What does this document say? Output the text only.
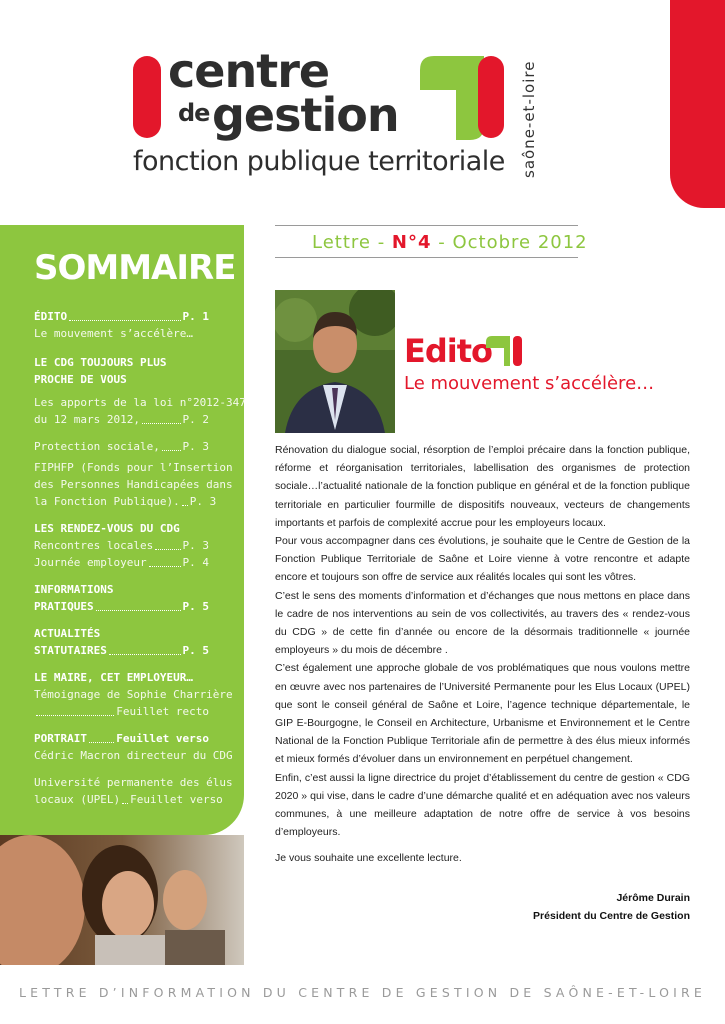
centre
de gestion
fonction publique territoriale saône-et-loire
SOMMAIRE
ÉDITO	P. 1
Le mouvement s’accélère…
LE CDG TOUJOURS PLUS
PROCHE DE VOUS
Les apports de la loi n°2012-347
du 12 mars 2012,	P. 2
Protection sociale, P. 3
FIPHFP (Fonds pour l’Insertion
des Personnes Handicapées dans
la Fonction Publique). P. 3
LES RENDEZ-VOUS DU CDG
Rencontres locales	P. 3
Journée employeur	P. 4
INFORMATIONS
PRATIQUES	P. 5
ACTUALITÉS
STATUTAIRES	P. 5
LE MAIRE, CET EMPLOYEUR…
Témoignage de Sophie Charrière
Feuillet recto
PORTRAIT	Feuillet verso
Cédric Macron directeur du CDG
Université permanente des élus
locaux (UPEL) Feuillet verso
Lettre - N°4 - Octobre 2012
Edito
Le mouvement s’accélère…

Rénovation du dialogue social, résorption de l’emploi précaire dans la fonction publique, réforme et réorganisation territoriales, labellisation des organismes de protection sociale…l’actualité nationale de la fonction publique en général et de la fonction publique territoriale en particulier fourmille de dispositifs nouveaux, vecteurs de changements importants et parfois de complexité accrue pour les employeurs locaux.

Pour vous accompagner dans ces évolutions, je souhaite que le Centre de Gestion de la Fonction Publique Territoriale de Saône et Loire vienne à votre rencontre et adapte encore et toujours son offre de service aux réalités locales qui sont les vôtres.

C’est le sens des moments d’information et d’échanges que nous mettons en place dans le cadre de nos interventions au sein de vos collectivités, au travers des « rendez-vous du CDG » de cette fin d’année ou encore de la désormais traditionnelle « journée employeurs » du mois de décembre .

C’est également une approche globale de vos problématiques que nous voulons mettre en œuvre avec nos partenaires de l’Université Permanente pour les Elus Locaux (UPEL) que sont le conseil général de Saône et Loire, l’agence technique départementale, le GIP E-Bourgogne, le Conseil en Architecture, Urbanisme et Environnement et le Centre National de la Fonction Publique Territoriale afin de permettre à des élus mieux informés et mieux formés d’évoluer dans un environnement en perpétuel changement.

Enfin, c’est aussi la ligne directrice du projet d’établissement du centre de gestion « CDG 2020 » qui vise, dans le cadre d’une démarche qualité et en adéquation avec nos valeurs communes, à une meilleure adaptation de notre offre de service à vos besoins d’employeurs.

Je vous souhaite une excellente lecture.

Jérôme Durain
Président du Centre de Gestion
LETTRE D’INFORMATION DU CENTRE DE GESTION DE SAÔNE-ET-LOIRE
